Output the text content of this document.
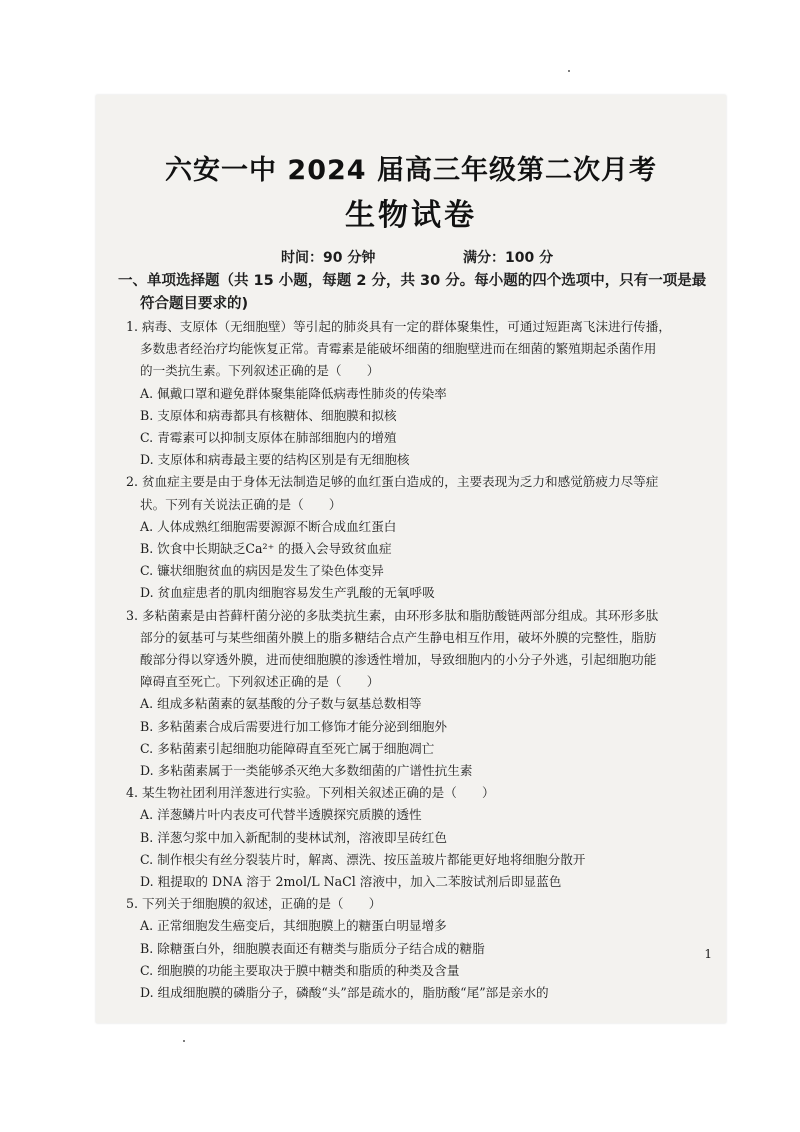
六安一中 2024 届高三年级第二次月考
生物试卷
时间：90 分钟	满分：100 分
一、单项选择题（共 15 小题，每题 2 分，共 30 分。每小题的四个选项中，只有一项是最
符合题目要求的)
1. 病毒、支原体（无细胞壁）等引起的肺炎具有一定的群体聚集性，可通过短距离飞沫进行传播，
多数患者经治疗均能恢复正常。青霉素是能破坏细菌的细胞壁进而在细菌的繁殖期起杀菌作用
的一类抗生素。下列叙述正确的是（　　）
A. 佩戴口罩和避免群体聚集能降低病毒性肺炎的传染率
B. 支原体和病毒都具有核糖体、细胞膜和拟核
C. 青霉素可以抑制支原体在肺部细胞内的增殖
D. 支原体和病毒最主要的结构区别是有无细胞核
2. 贫血症主要是由于身体无法制造足够的血红蛋白造成的，主要表现为乏力和感觉筋疲力尽等症
状。下列有关说法正确的是（　　）
A. 人体成熟红细胞需要源源不断合成血红蛋白
B. 饮食中长期缺乏Ca²⁺ 的摄入会导致贫血症
C. 镰状细胞贫血的病因是发生了染色体变异
D. 贫血症患者的肌肉细胞容易发生产乳酸的无氧呼吸
3. 多粘菌素是由苔藓杆菌分泌的多肽类抗生素，由环形多肽和脂肪酸链两部分组成。其环形多肽
部分的氨基可与某些细菌外膜上的脂多糖结合点产生静电相互作用，破坏外膜的完整性，脂肪
酸部分得以穿透外膜，进而使细胞膜的渗透性增加，导致细胞内的小分子外逃，引起细胞功能
障碍直至死亡。下列叙述正确的是（　　）
A. 组成多粘菌素的氨基酸的分子数与氨基总数相等
B. 多粘菌素合成后需要进行加工修饰才能分泌到细胞外
C. 多粘菌素引起细胞功能障碍直至死亡属于细胞凋亡
D. 多粘菌素属于一类能够杀灭绝大多数细菌的广谱性抗生素
4. 某生物社团利用洋葱进行实验。下列相关叙述正确的是（　　）
A. 洋葱鳞片叶内表皮可代替半透膜探究质膜的透性
B. 洋葱匀浆中加入新配制的斐林试剂，溶液即呈砖红色
C. 制作根尖有丝分裂装片时，解离、漂洗、按压盖玻片都能更好地将细胞分散开
D. 粗提取的 DNA 溶于 2mol/L NaCl 溶液中，加入二苯胺试剂后即显蓝色
5. 下列关于细胞膜的叙述，正确的是（　　）
A. 正常细胞发生癌变后，其细胞膜上的糖蛋白明显增多
B. 除糖蛋白外，细胞膜表面还有糖类与脂质分子结合成的糖脂
C. 细胞膜的功能主要取决于膜中糖类和脂质的种类及含量
D. 组成细胞膜的磷脂分子，磷酸“头”部是疏水的，脂肪酸“尾”部是亲水的
1
